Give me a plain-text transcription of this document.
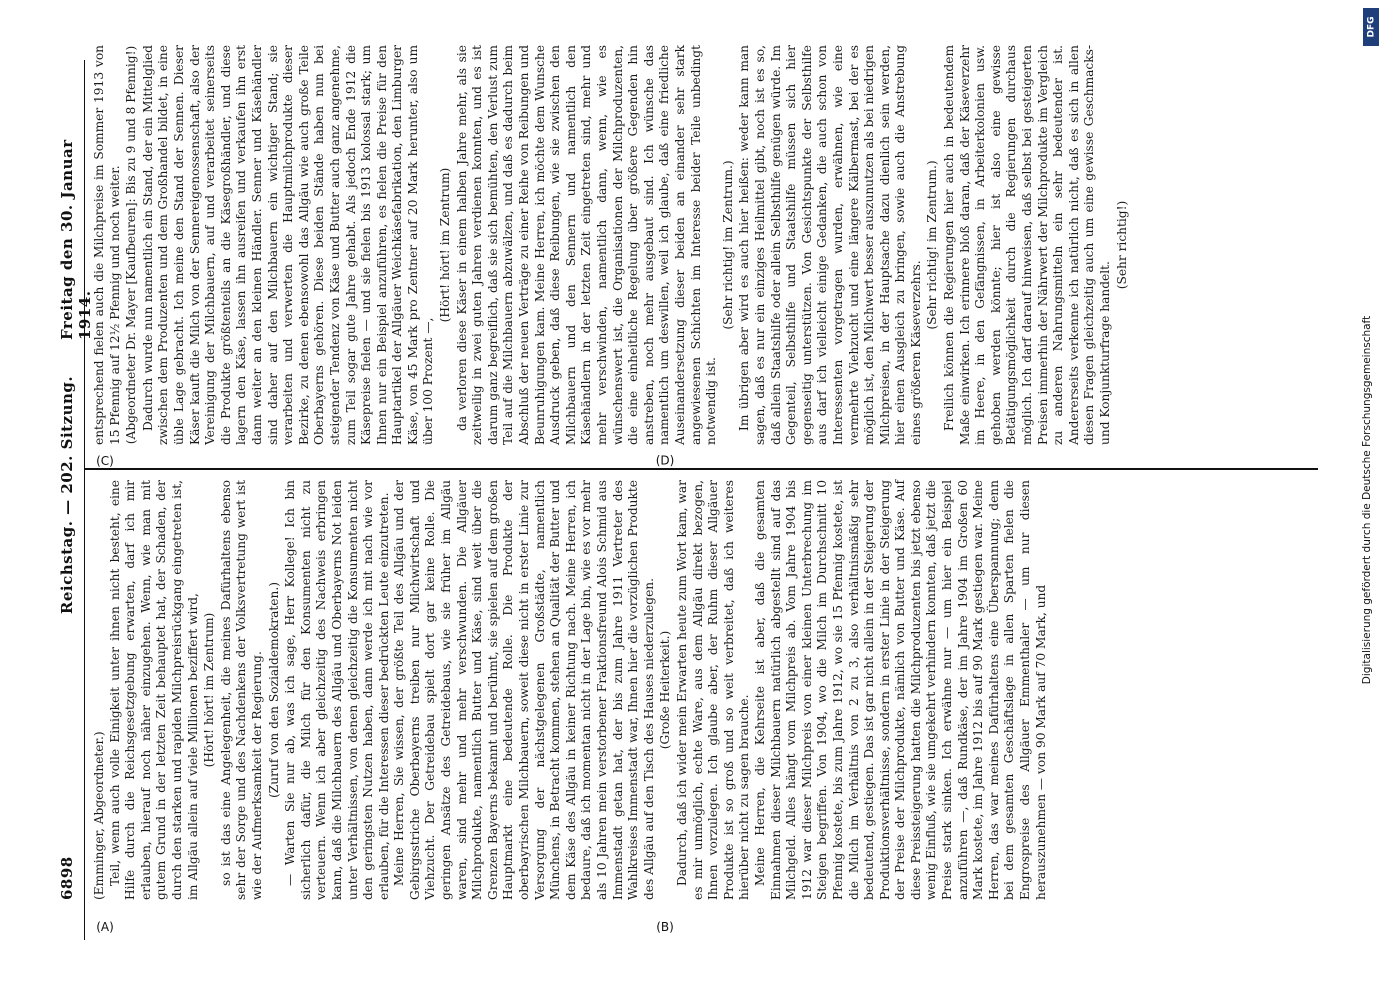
6898
Reichstag. — 202. Sitzung.
Freitag den 30. Januar 1914.
(A)	(B)
(C)	(D)

(Emminger, Abgeordneter.) Teil, wenn auch volle Einigkeit unter ihnen nicht besteht, eine Hilfe durch die Reichsgesetzgebung erwarten, darf ich mir erlauben, hierauf noch näher einzugehen. Wenn, wie man mit gutem Grund in der letzten Zeit behauptet hat, der Schaden, der durch den starken und rapiden Milchpreisrückgang eingetreten ist, im Allgäu allein auf viele Millionen beziffert wird, (Hört! hört! im Zentrum) so ist das eine Angelegenheit, die meines Dafürhaltens ebenso sehr der Sorge und des Nachdenkens der Volksvertretung wert ist wie der Aufmerksamkeit der Regierung. (Zuruf von den Sozialdemokraten.) — Warten Sie nur ab, was ich sage, Herr Kollege! Ich bin sicherlich dafür, die Milch für den Konsumenten nicht zu verteuern. Wenn ich aber gleichzeitig des Nachweis erbringen kann, daß die Milchbauern des Allgäu und Oberbayerns Not leiden unter Verhältnissen, von denen gleichzeitig die Konsumenten nicht den geringsten Nutzen haben, dann werde ich mit nach wie vor erlauben, für die Interessen dieser bedrückten Leute einzutreten. Meine Herren, Sie wissen, der größte Teil des Allgäu und der Gebirgsstriche Oberbayerns treiben nur Milchwirtschaft und Viehzucht. Der Getreidebau spielt dort gar keine Rolle. Die geringen Ansätze des Getreidebaus, wie sie früher im Allgäu waren, sind mehr und mehr verschwunden. Die Allgäuer Milchprodukte, namentlich Butter und Käse, sind weit über die Grenzen Bayerns bekannt und berühmt, sie spielen auf dem großen Hauptmarkt eine bedeutende Rolle. Die Produkte der oberbayrischen Milchbauern, soweit diese nicht in erster Linie zur Versorgung der nächstgelegenen Großstädte, namentlich Münchens, in Betracht kommen, stehen an Qualität der Butter und dem Käse des Allgäu in keiner Richtung nach. Meine Herren, ich bedaure, daß ich momentan nicht in der Lage bin, wie es vor mehr als 10 Jahren mein verstorbener Fraktionsfreund Alois Schmid aus Immenstadt getan hat, der bis zum Jahre 1911 Vertreter des Wahlkreises Immenstadt war, Ihnen hier die vorzüglichen Produkte des Allgäu auf den Tisch des Hauses niederzulegen. (Große Heiterkeit.) Dadurch, daß ich wider mein Erwarten heute zum Wort kam, war es mir unmöglich, echte Ware, aus dem Allgäu direkt bezogen, Ihnen vorzulegen. Ich glaube aber, der Ruhm dieser Allgäuer Produkte ist so groß und so weit verbreitet, daß ich weiteres hierüber nicht zu sagen brauche. Meine Herren, die Kehrseite ist aber, daß die gesamten Einnahmen dieser Milchbauern natürlich abgestellt sind auf das Milchgeld. Alles hängt vom Milchpreis ab. Vom Jahre 1904 bis 1912 war dieser Milchpreis von einer kleinen Unterbrechung im Steigen begriffen. Von 1904, wo die Milch im Durchschnitt 10 Pfennig kostete, bis zum Jahre 1912, wo sie 15 Pfennig kostete, ist die Milch im Verhältnis von 2 zu 3, also verhältnismäßig sehr bedeutend, gestiegen. Das ist gar nicht allein in der Steigerung der Produktionsverhältnisse, sondern in erster Linie in der Steigerung der Preise der Milchprodukte, nämlich von Butter und Käse. Auf diese Preissteigerung hatten die Milchproduzenten bis jetzt ebenso wenig Einfluß, wie sie umgekehrt verhindern konnten, daß jetzt die Preise stark sinken. Ich erwähne nur — um hier ein Beispiel anzuführen —, daß Rundkäse, der im Jahre 1904 im Großen 60 Mark kostete, im Jahre 1912 bis auf 90 Mark gestiegen war. Meine Herren, das war meines Dafürhaltens eine Überspannung; denn bei dem gesamten Geschäftslage in allen Sparten fielen die Engrospreise des Allgäuer Emmenthaler — um nur diesen herauszunehmen — von 90 Mark auf 70 Mark, und

entsprechend fielen auch die Milchpreise im Sommer 1913 von 15 Pfennig auf 12½ Pfennig und noch weiter. (Abgeordneter Dr. Mayer [Kaufbeuren]: Bis zu 9 und 8 Pfennig!) Dadurch wurde nun namentlich ein Stand, der ein Mittelglied zwischen dem Produzenten und dem Großhandel bildet, in eine üble Lage gebracht. Ich meine den Stand der Sennen. Dieser Käser kauft die Milch von der Sennereigenossenschaft, also der Vereinigung der Milchbauern, auf und verarbeitet seinerseits die Produkte größtenteils an die Käsegroßhändler, und diese lagern den Käse, lassen ihn ausreifen und verkaufen ihn erst dann weiter an den kleinen Händler. Senner und Käsehändler sind daher auf den Milchbauern ein wichtiger Stand; sie verarbeiten und verwerten die Hauptmilchprodukte dieser Bezirke, zu denen ebensowohl das Allgäu wie auch große Teile Oberbayerns gehören. Diese beiden Stände haben nun bei steigender Tendenz von Käse und Butter auch ganz angenehme, zum Teil sogar gute Jahre gehabt. Als jedoch Ende 1912 die Käsepreise fielen — und sie fielen bis 1913 kolossal stark; um Ihnen nur ein Beispiel anzuführen, es fielen die Preise für den Hauptartikel der Allgäuer Weichkäsefabrikation, den Limburger Käse, von 45 Mark pro Zentner auf 20 Mark herunter, also um über 100 Prozent —,

(Hört! hört! im Zentrum) da verloren diese Käser in einem halben Jahre mehr, als sie zeitweilig in zwei guten Jahren verdienen konnten, und es ist darum ganz begreiflich, daß sie sich bemühten, den Verlust zum Teil auf die Milchbauern abzuwälzen, und daß es dadurch beim Abschluß der neuen Verträge zu einer Reihe von Reibungen und Beunruhigungen kam. Meine Herren, ich möchte dem Wunsche Ausdruck geben, daß diese Reibungen, wie sie zwischen den Milchbauern und den Sennern und namentlich den Käsehändlern in der letzten Zeit eingetreten sind, mehr und mehr verschwinden, namentlich dann, wenn, wie es wünschenswert ist, die Organisationen der Milchproduzenten, die eine einheitliche Regelung über größere Gegenden hin anstreben, noch mehr ausgebaut sind. Ich wünsche das namentlich um deswillen, weil ich glaube, daß eine friedliche Auseinandersetzung dieser beiden an einander sehr stark angewiesenen Schichten im Interesse beider Teile unbedingt notwendig ist.

(Sehr richtig! im Zentrum.) Im übrigen aber wird es auch hier heißen: weder kann man sagen, daß es nur ein einziges Heilmittel gibt, noch ist es so, daß allein Staatshilfe oder allein Selbsthilfe genügen würde. Im Gegenteil, Selbsthilfe und Staatshilfe müssen sich hier gegenseitig unterstützen. Von Gesichtspunkte der Selbsthilfe aus darf ich vielleicht einige Gedanken, die auch schon von Interessenten vorgetragen wurden, erwähnen, wie eine vermehrte Viehzucht und eine längere Kälbermast, bei der es möglich ist, den Milchwert besser auszunutzen als bei niedrigen Milchpreisen, in der Hauptsache dazu dienlich sein werden, hier einen Ausgleich zu bringen, sowie auch die Anstrebung eines größeren Käseverzehrs.

(Sehr richtig! im Zentrum.) Freilich können die Regierungen hier auch in bedeutendem Maße einwirken. Ich erinnere bloß daran, daß der Käseverzehr im Heere, in den Gefängnissen, in Arbeiterkolonien usw. gehoben werden könnte; hier ist also eine gewisse Betätigungsmöglichkeit durch die Regierungen durchaus möglich. Ich darf darauf hinweisen, daß selbst bei gesteigerten Preisen immerhin der Nährwert der Milchprodukte im Vergleich zu anderen Nahrungsmitteln ein sehr bedeutender ist. Andererseits verkenne ich natürlich nicht, daß es sich in allen diesen Fragen gleichzeitig auch um eine gewisse Geschmacks- und Konjunkturfrage handelt.

(Sehr richtig!)

Digitalisierung gefördert durch die Deutsche Forschungsgemeinschaft
DFG
